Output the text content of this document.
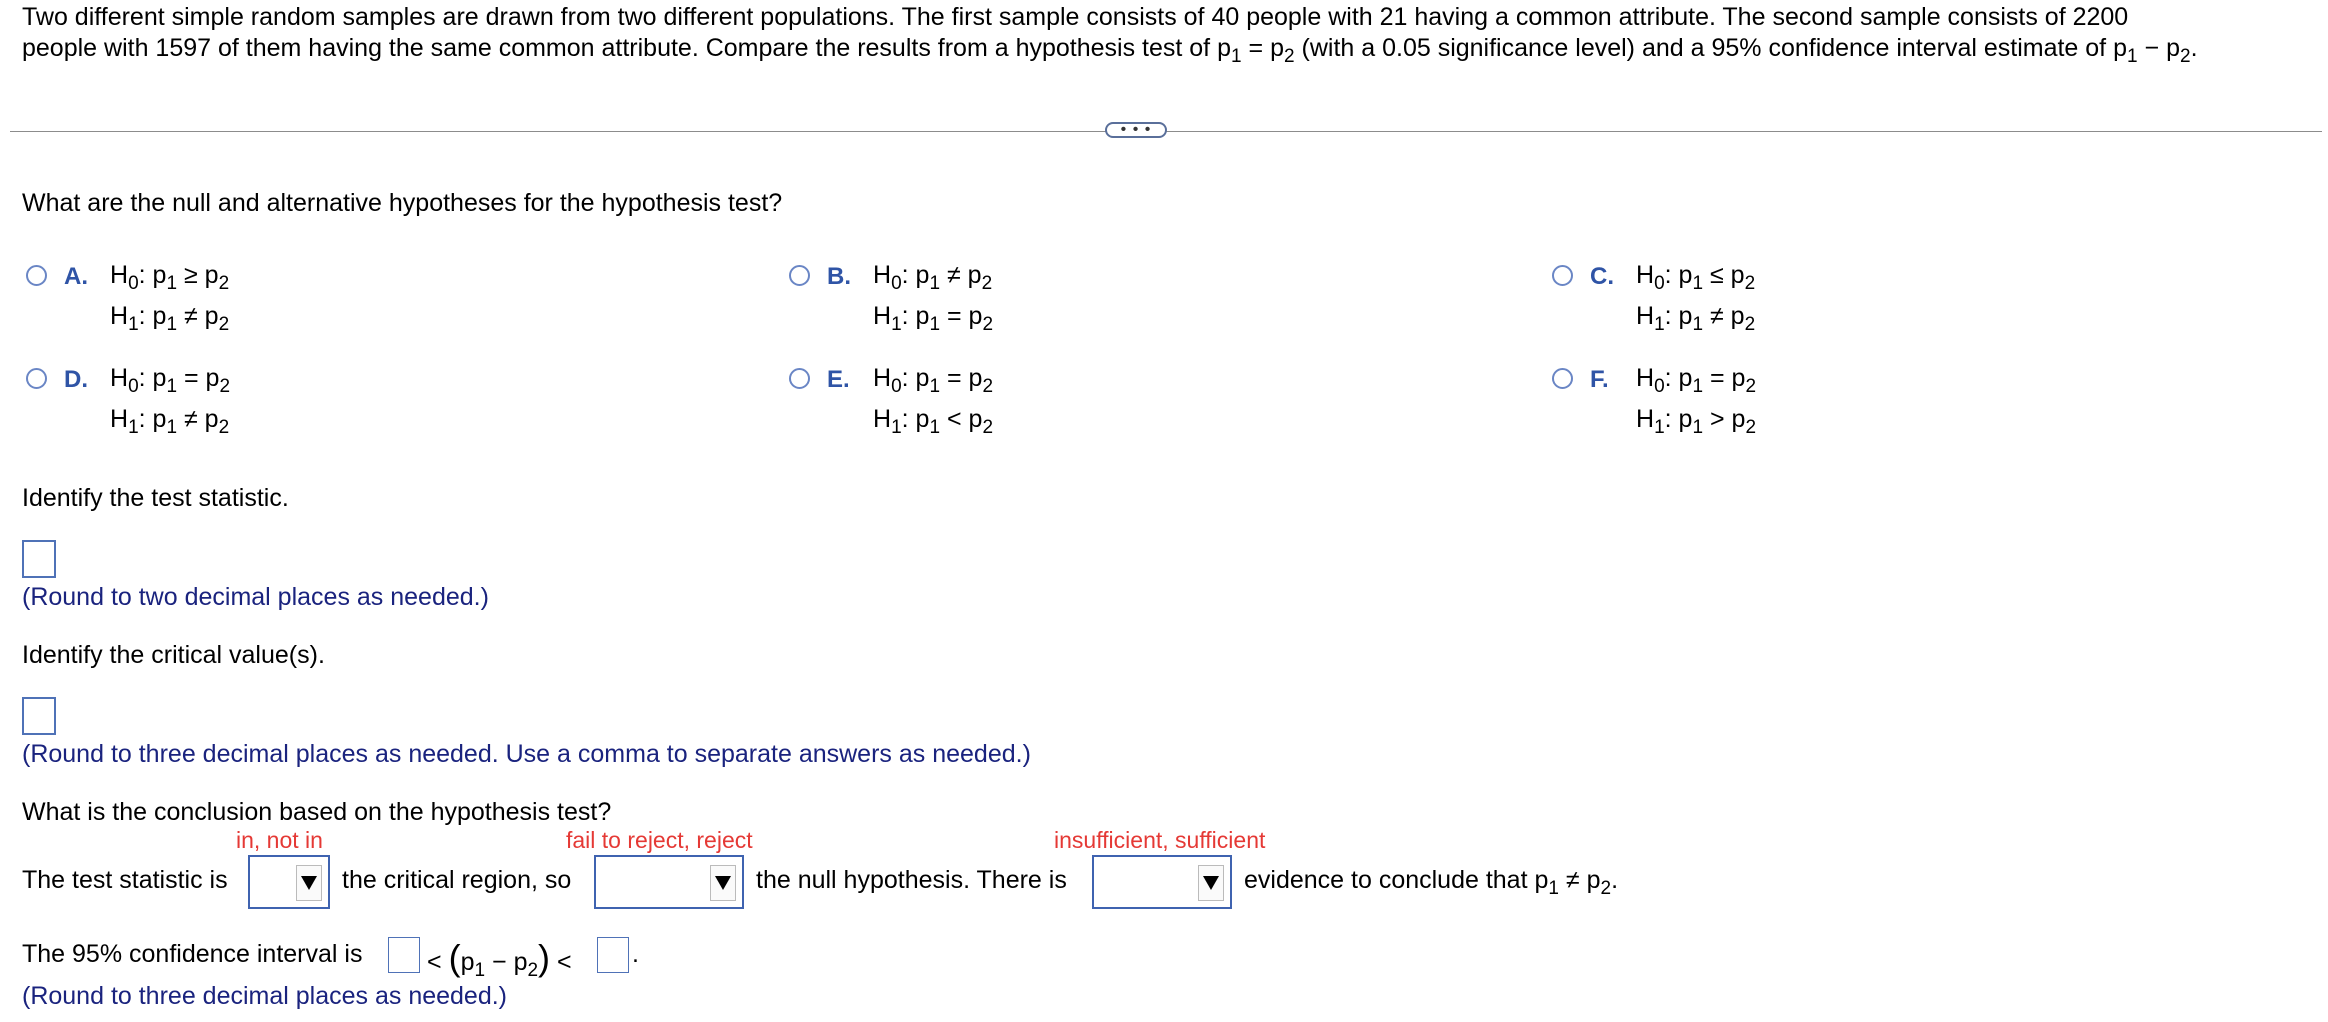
Two different simple random samples are drawn from two different populations. The first sample consists of 40 people with 21 having a common attribute. The second sample consists of 2200
people with 1597 of them having the same common attribute. Compare the results from a hypothesis test of $p_1 = p_2$ (with a 0.05 significance level) and a 95% confidence interval estimate of $p_1 - p_2$.
• • •
What are the null and alternative hypotheses for the hypothesis test?
A. $H_0$: $p_1 \ge p_2$
$H_1$: $p_1 \ne p_2$
B. $H_0$: $p_1 \ne p_2$
$H_1$: $p_1 = p_2$
C. $H_0$: $p_1 \le p_2$
$H_1$: $p_1 \ne p_2$
D. $H_0$: $p_1 = p_2$
$H_1$: $p_1 \ne p_2$
E. $H_0$: $p_1 = p_2$
$H_1$: $p_1 < p_2$
F. $H_0$: $p_1 = p_2$
$H_1$: $p_1 > p_2$
Identify the test statistic.
(Round to two decimal places as needed.)
Identify the critical value(s).
(Round to three decimal places as needed. Use a comma to separate answers as needed.)
What is the conclusion based on the hypothesis test?
in, not in	fail to reject, reject	insufficient, sufficient
The test statistic is	the critical region, so	the null hypothesis. There is	evidence to conclude that $p_1 \ne p_2$.
The 95% confidence interval is	< $(p_1 - p_2)$ < .
(Round to three decimal places as needed.)
